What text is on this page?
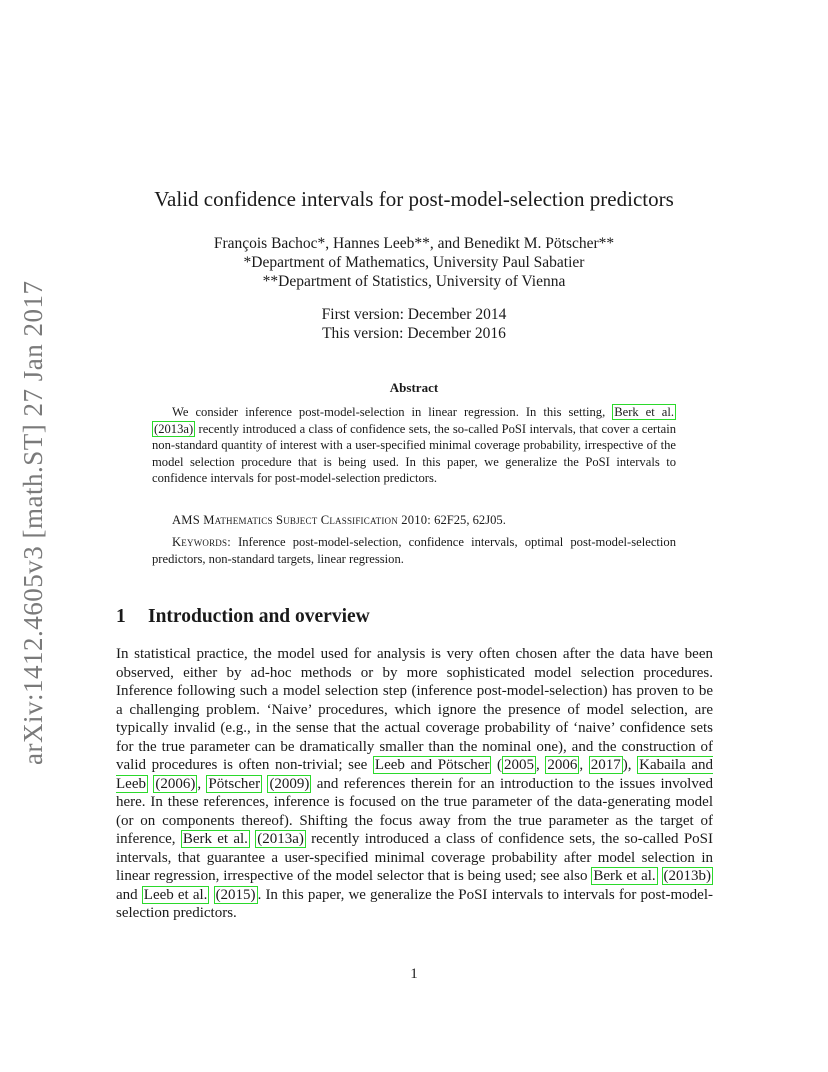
arXiv:1412.4605v3 [math.ST] 27 Jan 2017
Valid confidence intervals for post-model-selection predictors
François Bachoc*, Hannes Leeb**, and Benedikt M. Pötscher**
*Department of Mathematics, University Paul Sabatier
**Department of Statistics, University of Vienna
First version: December 2014
This version: December 2016
Abstract

We consider inference post-model-selection in linear regression. In this setting, Berk et al. (2013a) recently introduced a class of confidence sets, the so-called PoSI intervals, that cover a certain non-standard quantity of interest with a user-specified minimal coverage probability, irrespective of the model selection procedure that is being used. In this paper, we generalize the PoSI intervals to confidence intervals for post-model-selection predictors.

AMS Mathematics Subject Classification 2010: 62F25, 62J05.
Keywords: Inference post-model-selection, confidence intervals, optimal post-model-selection predictors, non-standard targets, linear regression.
1 Introduction and overview

In statistical practice, the model used for analysis is very often chosen after the data have been observed, either by ad-hoc methods or by more sophisticated model selection procedures. Inference following such a model selection step (inference post-model-selection) has proven to be a challenging problem. ‘Naive’ procedures, which ignore the presence of model selection, are typically invalid (e.g., in the sense that the actual coverage probability of ‘naive’ confidence sets for the true parameter can be dramatically smaller than the nominal one), and the construction of valid procedures is often non-trivial; see Leeb and Pötscher ( 2005 , 2006 , 2017 ), Kabaila and Leeb (2006) , Pötscher (2009) and references therein for an introduction to the issues involved here. In these references, inference is focused on the true parameter of the data-generating model (or on components thereof). Shifting the focus away from the true parameter as the target of inference, Berk et al. (2013a) recently introduced a class of confidence sets, the so-called PoSI intervals, that guarantee a user-specified minimal coverage probability after model selection in linear regression, irrespective of the model selector that is being used; see also Berk et al. (2013b) and Leeb et al. (2015) . In this paper, we generalize the PoSI intervals to intervals for post-model-selection predictors.

1
